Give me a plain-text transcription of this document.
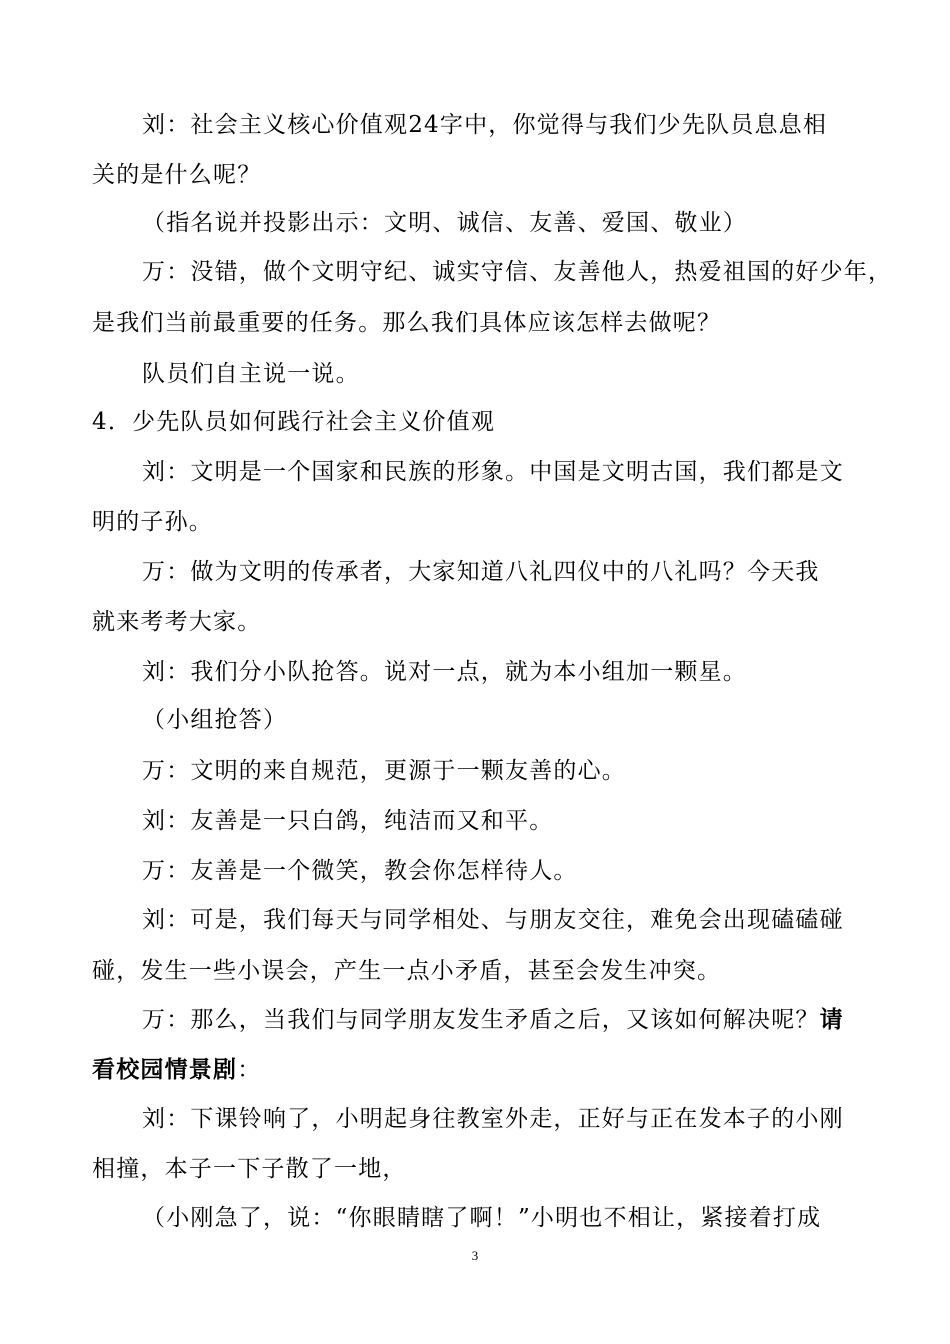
刘：社会主义核心价值观24字中，你觉得与我们少先队员息息相
关的是什么呢？
（指名说并投影出示：文明、诚信、友善、爱国、敬业）
万：没错，做个文明守纪、诚实守信、友善他人，热爱祖国的好少年，
是我们当前最重要的任务。那么我们具体应该怎样去做呢？
队员们自主说一说。
4．少先队员如何践行社会主义价值观
刘：文明是一个国家和民族的形象。中国是文明古国，我们都是文
明的子孙。
万：做为文明的传承者，大家知道八礼四仪中的八礼吗？今天我
就来考考大家。
刘：我们分小队抢答。说对一点，就为本小组加一颗星。
（小组抢答）
万：文明的来自规范，更源于一颗友善的心。
刘：友善是一只白鸽，纯洁而又和平。
万：友善是一个微笑，教会你怎样待人。
刘：可是，我们每天与同学相处、与朋友交往，难免会出现磕磕碰
碰，发生一些小误会，产生一点小矛盾，甚至会发生冲突。
万：那么，当我们与同学朋友发生矛盾之后，又该如何解决呢？请
看校园情景剧：
刘：下课铃响了，小明起身往教室外走，正好与正在发本子的小刚
相撞，本子一下子散了一地，
（小刚急了，说：“你眼睛瞎了啊！”小明也不相让，紧接着打成
3
